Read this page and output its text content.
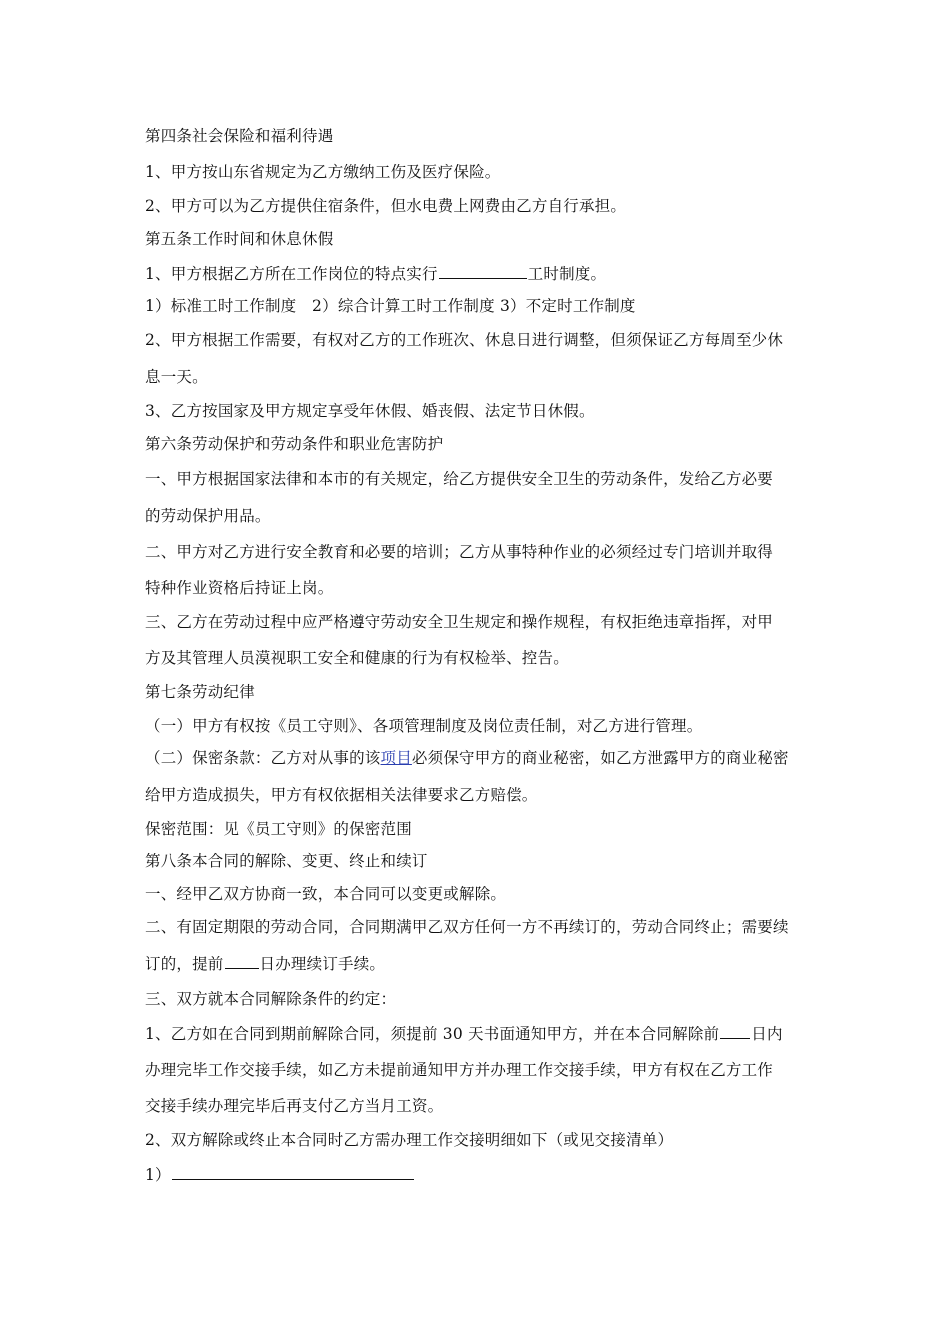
第四条社会保险和福利待遇
1、甲方按山东省规定为乙方缴纳工伤及医疗保险。
2、甲方可以为乙方提供住宿条件，但水电费上网费由乙方自行承担。
第五条工作时间和休息休假
1、甲方根据乙方所在工作岗位的特点实行	工时制度。
1）标准工时工作制度　2）综合计算工时工作制度 3）不定时工作制度
2、甲方根据工作需要，有权对乙方的工作班次、休息日进行调整，但须保证乙方每周至少休
息一天。
3、乙方按国家及甲方规定享受年休假、婚丧假、法定节日休假。
第六条劳动保护和劳动条件和职业危害防护
一、甲方根据国家法律和本市的有关规定，给乙方提供安全卫生的劳动条件，发给乙方必要
的劳动保护用品。
二、甲方对乙方进行安全教育和必要的培训；乙方从事特种作业的必须经过专门培训并取得
特种作业资格后持证上岗。
三、乙方在劳动过程中应严格遵守劳动安全卫生规定和操作规程，有权拒绝违章指挥，对甲
方及其管理人员漠视职工安全和健康的行为有权检举、控告。
第七条劳动纪律
（一）甲方有权按《员工守则》、各项管理制度及岗位责任制，对乙方进行管理。
（二）保密条款：乙方对从事的该项目必须保守甲方的商业秘密，如乙方泄露甲方的商业秘密
给甲方造成损失，甲方有权依据相关法律要求乙方赔偿。
保密范围：见《员工守则》的保密范围
第八条本合同的解除、变更、终止和续订
一、经甲乙双方协商一致，本合同可以变更或解除。
二、有固定期限的劳动合同，合同期满甲乙双方任何一方不再续订的，劳动合同终止；需要续
订的，提前 日办理续订手续。
三、双方就本合同解除条件的约定：
1、乙方如在合同到期前解除合同，须提前 30 天书面通知甲方，并在本合同解除前 日内
办理完毕工作交接手续，如乙方未提前通知甲方并办理工作交接手续，甲方有权在乙方工作
交接手续办理完毕后再支付乙方当月工资。
2、双方解除或终止本合同时乙方需办理工作交接明细如下（或见交接清单）
1）
